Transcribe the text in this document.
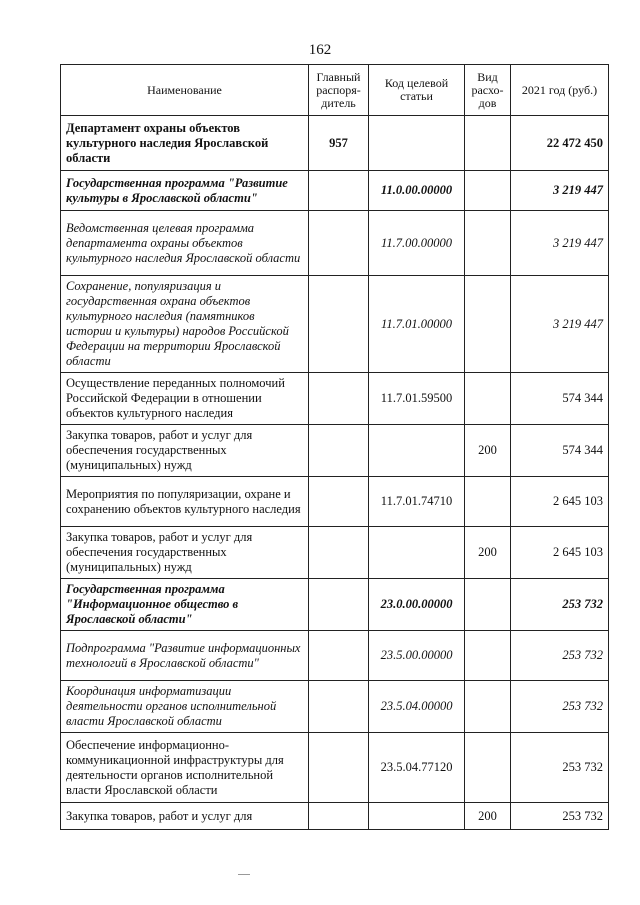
162
Наименование	Главный распоря-дитель	Код целевой статьи	Вид расхо-дов	2021 год (руб.)
Департамент охраны объектов культурного наследия Ярославской области	957			22 472 450
Государственная программа "Развитие культуры в Ярославской области"		11.0.00.00000		3 219 447
Ведомственная целевая программа департамента охраны объектов культурного наследия Ярославской области		11.7.00.00000		3 219 447
Сохранение, популяризация и государственная охрана объектов культурного наследия (памятников истории и культуры) народов Российской Федерации на территории Ярославской области		11.7.01.00000		3 219 447
Осуществление переданных полномочий Российской Федерации в отношении объектов культурного наследия		11.7.01.59500		574 344
Закупка товаров, работ и услуг для обеспечения государственных (муниципальных) нужд			200	574 344
Мероприятия по популяризации, охране и сохранению объектов культурного наследия		11.7.01.74710		2 645 103
Закупка товаров, работ и услуг для обеспечения государственных (муниципальных) нужд			200	2 645 103
Государственная программа "Информационное общество в Ярославской области"		23.0.00.00000		253 732
Подпрограмма "Развитие информационных технологий в Ярославской области"		23.5.00.00000		253 732
Координация информатизации деятельности органов исполнительной власти Ярославской области		23.5.04.00000		253 732
Обеспечение информационно-коммуникационной инфраструктуры для деятельности органов исполнительной власти Ярославской области		23.5.04.77120		253 732
Закупка товаров, работ и услуг для			200	253 732
